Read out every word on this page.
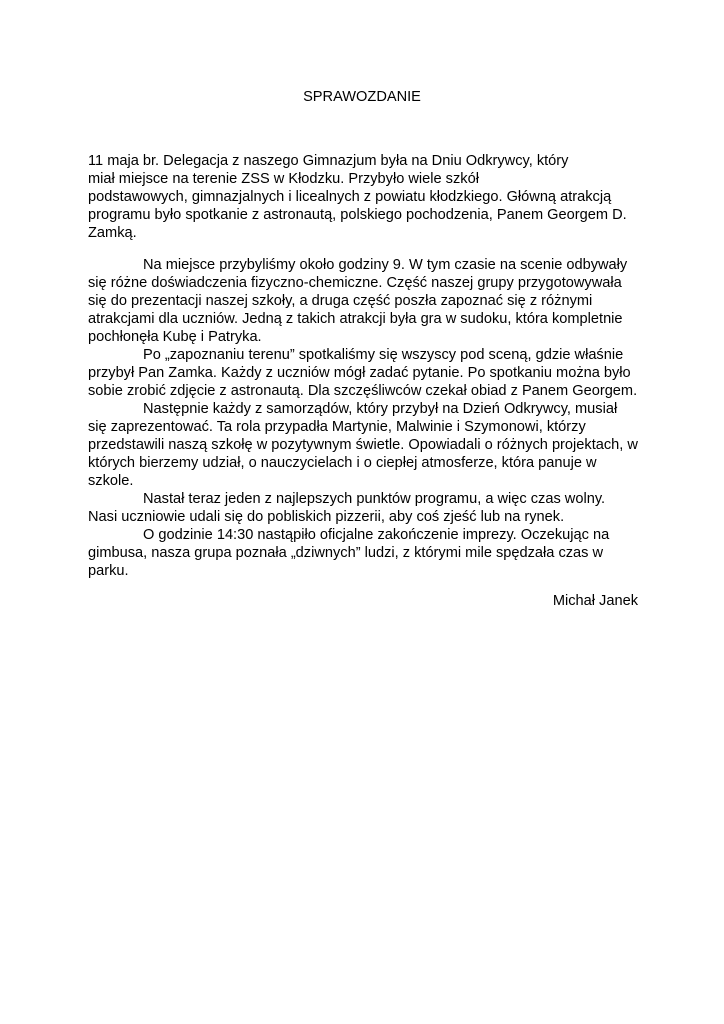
SPRAWOZDANIE
11 maja br. Delegacja z naszego Gimnazjum była na Dniu Odkrywcy, który
miał miejsce na terenie ZSS w Kłodzku. Przybyło wiele szkół
podstawowych, gimnazjalnych i licealnych z powiatu kłodzkiego. Główną atrakcją
programu było spotkanie z astronautą, polskiego pochodzenia, Panem Georgem D.
Zamką.
Na miejsce przybyliśmy około godziny 9. W tym czasie na scenie odbywały
się różne doświadczenia fizyczno-chemiczne. Część naszej grupy przygotowywała
się do prezentacji naszej szkoły, a druga część poszła zapoznać się z różnymi
atrakcjami dla uczniów. Jedną z takich atrakcji była gra w sudoku, która kompletnie
pochłonęła Kubę i Patryka.
Po „zapoznaniu terenu” spotkaliśmy się wszyscy pod sceną, gdzie właśnie
przybył Pan Zamka. Każdy z uczniów mógł zadać pytanie. Po spotkaniu można było
sobie zrobić zdjęcie z astronautą. Dla szczęśliwców czekał obiad z Panem Georgem.
Następnie każdy z samorządów, który przybył na Dzień Odkrywcy, musiał
się zaprezentować. Ta rola przypadła Martynie, Malwinie i Szymonowi, którzy
przedstawili naszą szkołę w pozytywnym świetle. Opowiadali o różnych projektach, w
których bierzemy udział, o nauczycielach i o ciepłej atmosferze, która panuje w
szkole.
Nastał teraz jeden z najlepszych punktów programu, a więc czas wolny.
Nasi uczniowie udali się do pobliskich pizzerii, aby coś zjeść lub na rynek.
O godzinie 14:30 nastąpiło oficjalne zakończenie imprezy. Oczekując na
gimbusa, nasza grupa poznała „dziwnych” ludzi, z którymi mile spędzała czas w
parku.
Michał Janek
